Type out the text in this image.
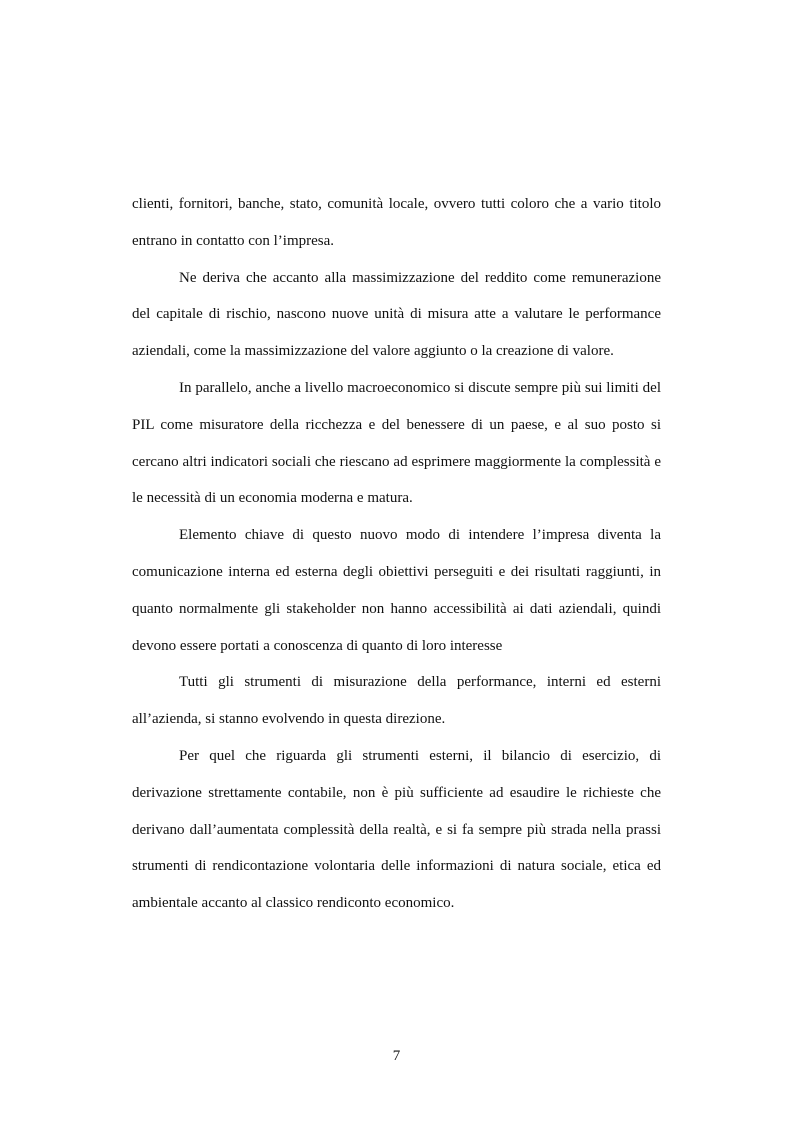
clienti, fornitori, banche, stato, comunità locale, ovvero tutti coloro che a vario titolo entrano in contatto con l’impresa.

Ne deriva che accanto alla massimizzazione del reddito come remunerazione del capitale di rischio, nascono nuove unità di misura atte a valutare le performance aziendali, come la massimizzazione del valore aggiunto o la creazione di valore.

In parallelo, anche a livello macroeconomico si discute sempre più sui limiti del PIL come misuratore della ricchezza e del benessere di un paese, e al suo posto si cercano altri indicatori sociali che riescano ad esprimere maggiormente la complessità e le necessità di un economia moderna e matura.

Elemento chiave di questo nuovo modo di intendere l’impresa diventa la comunicazione interna ed esterna degli obiettivi perseguiti e dei risultati raggiunti, in quanto normalmente gli stakeholder non hanno accessibilità ai dati aziendali, quindi devono essere portati a conoscenza di quanto di loro interesse

Tutti gli strumenti di misurazione della performance, interni ed esterni all’azienda, si stanno evolvendo in questa direzione.

Per quel che riguarda gli strumenti esterni, il bilancio di esercizio, di derivazione strettamente contabile, non è più sufficiente ad esaudire le richieste che derivano dall’aumentata complessità della realtà, e si fa sempre più strada nella prassi strumenti di rendicontazione volontaria delle informazioni di natura sociale, etica ed ambientale accanto al classico rendiconto economico.

7
